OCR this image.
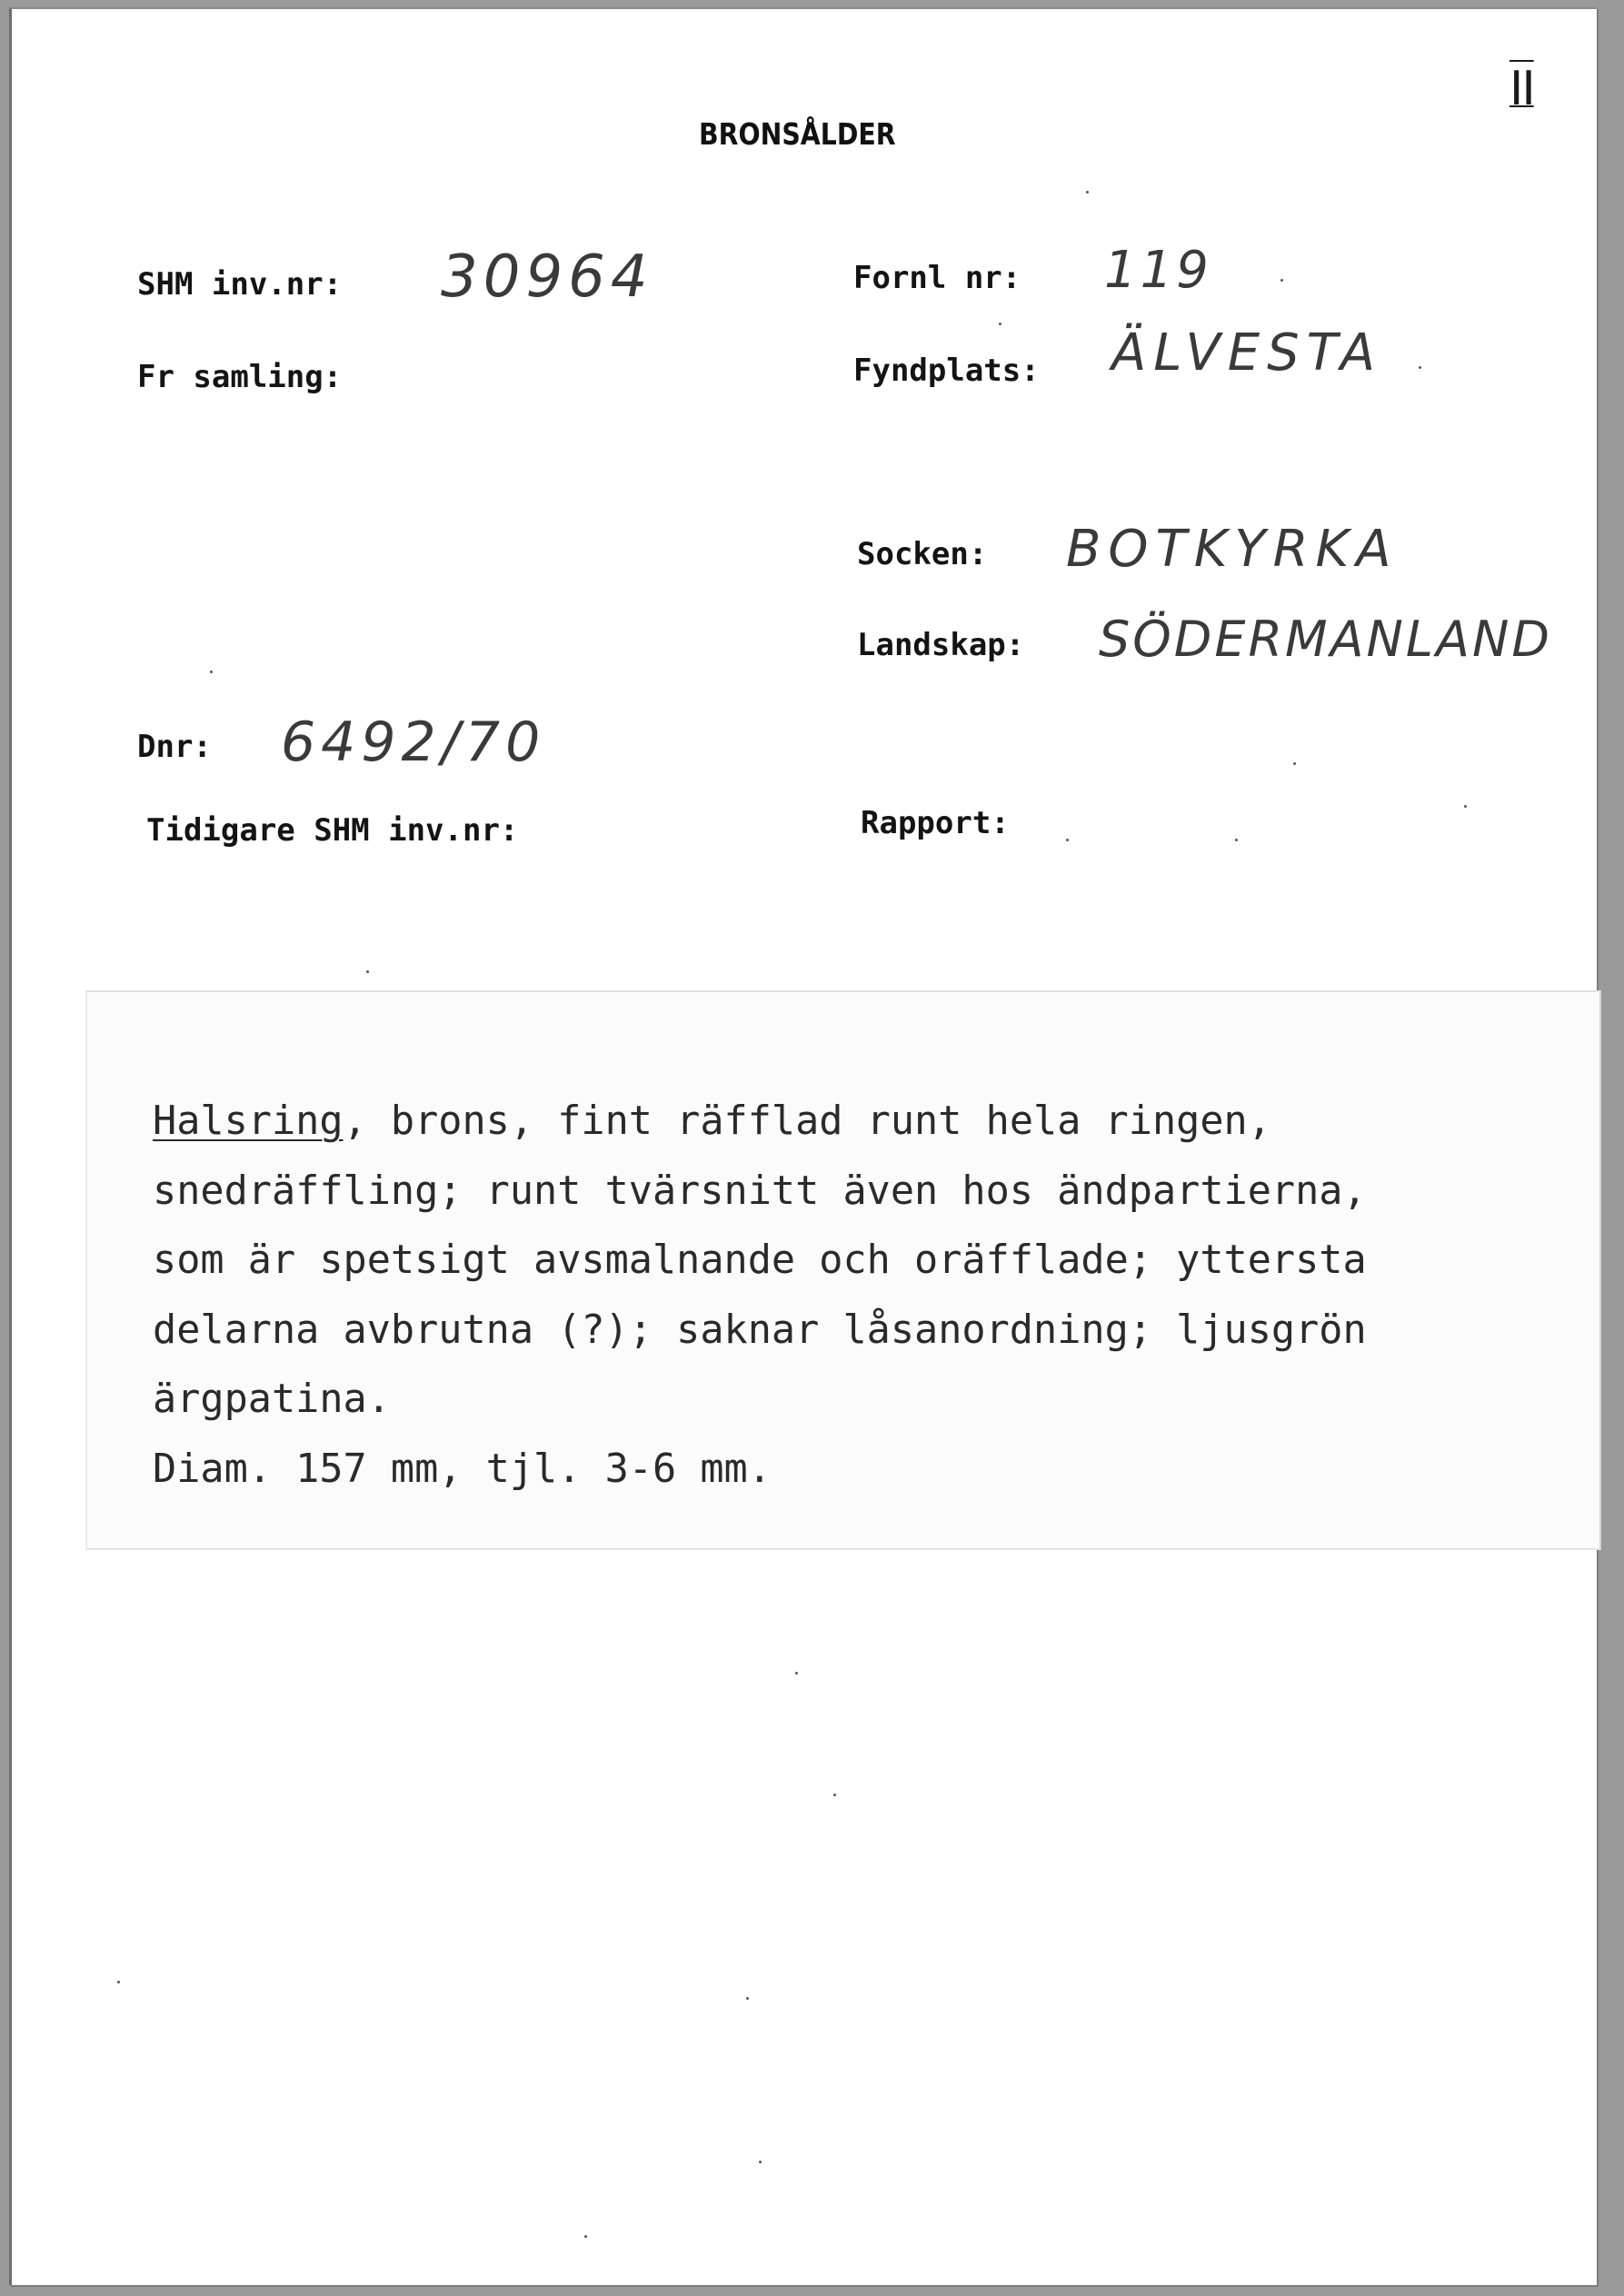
II
BRONSÅLDER
SHM inv.nr: 30964
Fr samling:
Dnr: 6492/70
Tidigare SHM inv.nr:
Fornl nr: 119
Fyndplats: ÄLVESTA
Socken: BOTKYRKA
Landskap: SÖDERMANLAND
Rapport:
Halsring, brons, fint räfflad runt hela ringen,
snedräffling; runt tvärsnitt även hos ändpartierna,
som är spetsigt avsmalnande och oräfflade; yttersta
delarna avbrutna (?); saknar låsanordning; ljusgrön
ärgpatina.
Diam. 157 mm, tjl. 3-6 mm.
